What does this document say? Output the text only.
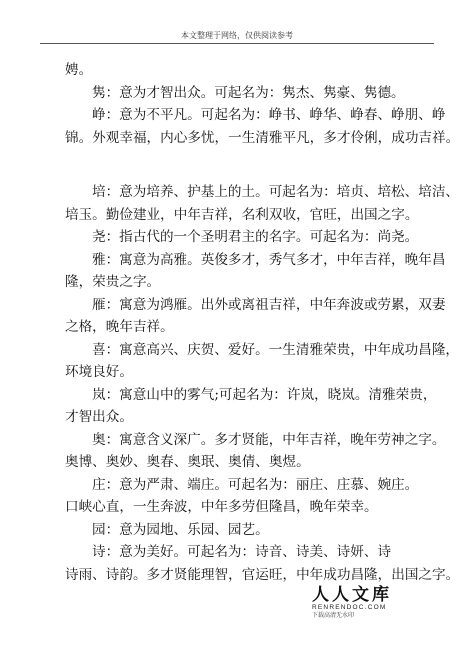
本文整理于网络，仅供阅读参考
娉。
隽：意为才智出众。可起名为：隽杰、隽豪、隽德。
峥：意为不平凡。可起名为：峥书、峥华、峥春、峥朋、峥
锦。外观幸福，内心多忧，一生清雅平凡，多才伶俐，成功吉祥。
培：意为培养、护基上的土。可起名为：培贞、培松、培洁、
培玉。勤俭建业，中年吉祥，名利双收，官旺，出国之字。
尧：指古代的一个圣明君主的名字。可起名为：尚尧。
雅：寓意为高雅。英俊多才，秀气多才，中年吉祥，晚年昌
隆，荣贵之字。
雁：寓意为鸿雁。出外或离祖吉祥，中年奔波或劳累，双妻
之格，晚年吉祥。
喜：寓意高兴、庆贺、爱好。一生清雅荣贵，中年成功昌隆，
环境良好。
岚：寓意山中的雾气;可起名为：许岚，晓岚。清雅荣贵，
才智出众。
奥：寓意含义深广。多才贤能，中年吉祥，晚年劳神之字。
奥博、奥妙、奥春、奥珉、奥倩、奥煜。
庄：意为严肃、端庄。可起名为：丽庄、庄慕、婉庄。
口峡心直，一生奔波，中年多劳但隆昌，晚年荣幸。
园：意为园地、乐园、园艺。
诗：意为美好。可起名为：诗音、诗美、诗妍、诗
诗雨、诗韵。多才贤能理智，官运旺，中年成功昌隆，出国之字。
人人文库
RENRENDOC.COM
下载高清无水印
